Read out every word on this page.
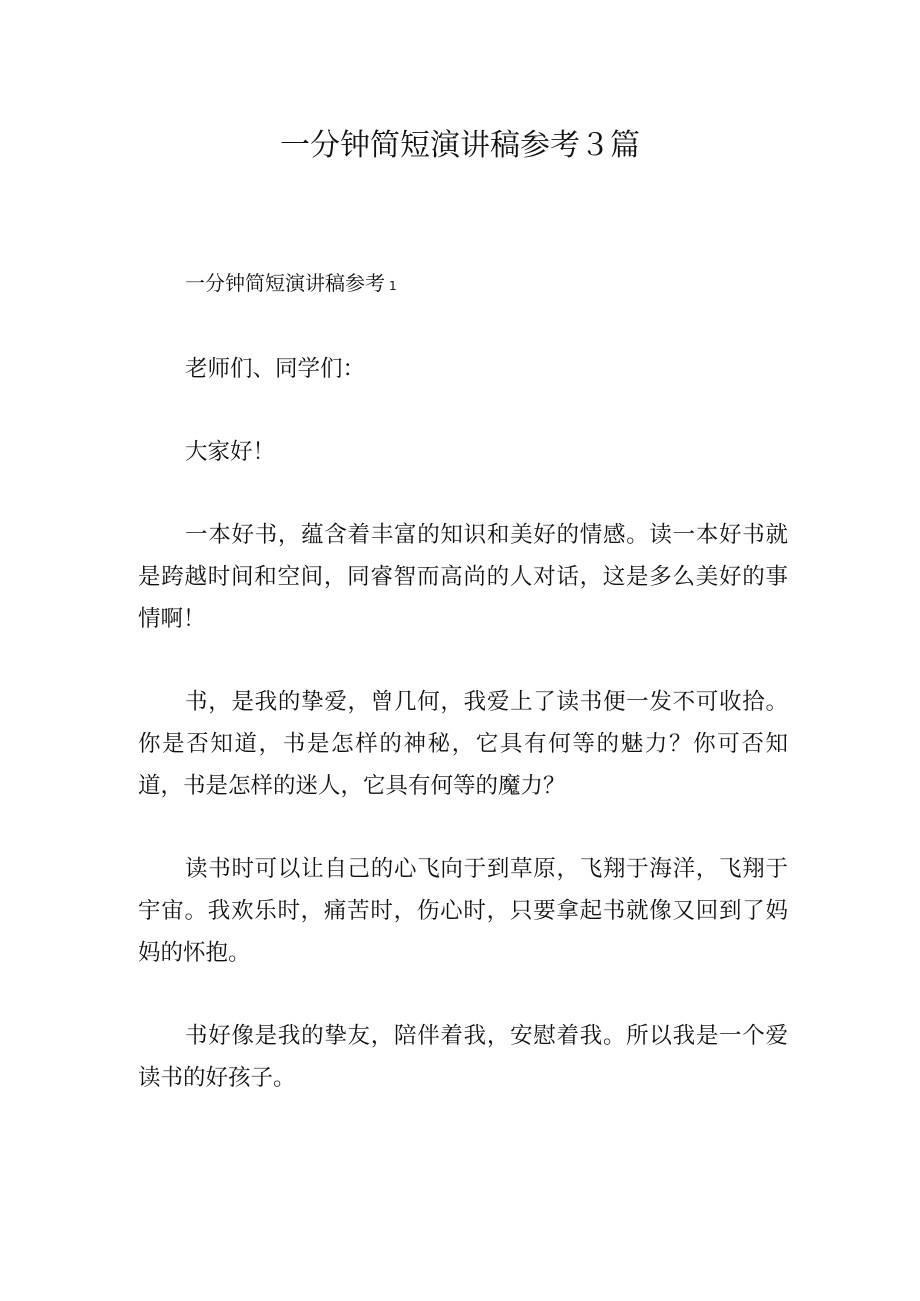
一分钟简短演讲稿参考３篇

一分钟简短演讲稿参考 1

老师们、同学们：

大家好！

一本好书，蕴含着丰富的知识和美好的情感。读一本好书就是跨越时间和空间，同睿智而高尚的人对话，这是多么美好的事情啊！

书，是我的挚爱，曾几何，我爱上了读书便一发不可收拾。你是否知道，书是怎样的神秘，它具有何等的魅力？你可否知道，书是怎样的迷人，它具有何等的魔力？

读书时可以让自己的心飞向于到草原，飞翔于海洋，飞翔于宇宙。我欢乐时，痛苦时，伤心时，只要拿起书就像又回到了妈妈的怀抱。

书好像是我的挚友，陪伴着我，安慰着我。所以我是一个爱读书的好孩子。
